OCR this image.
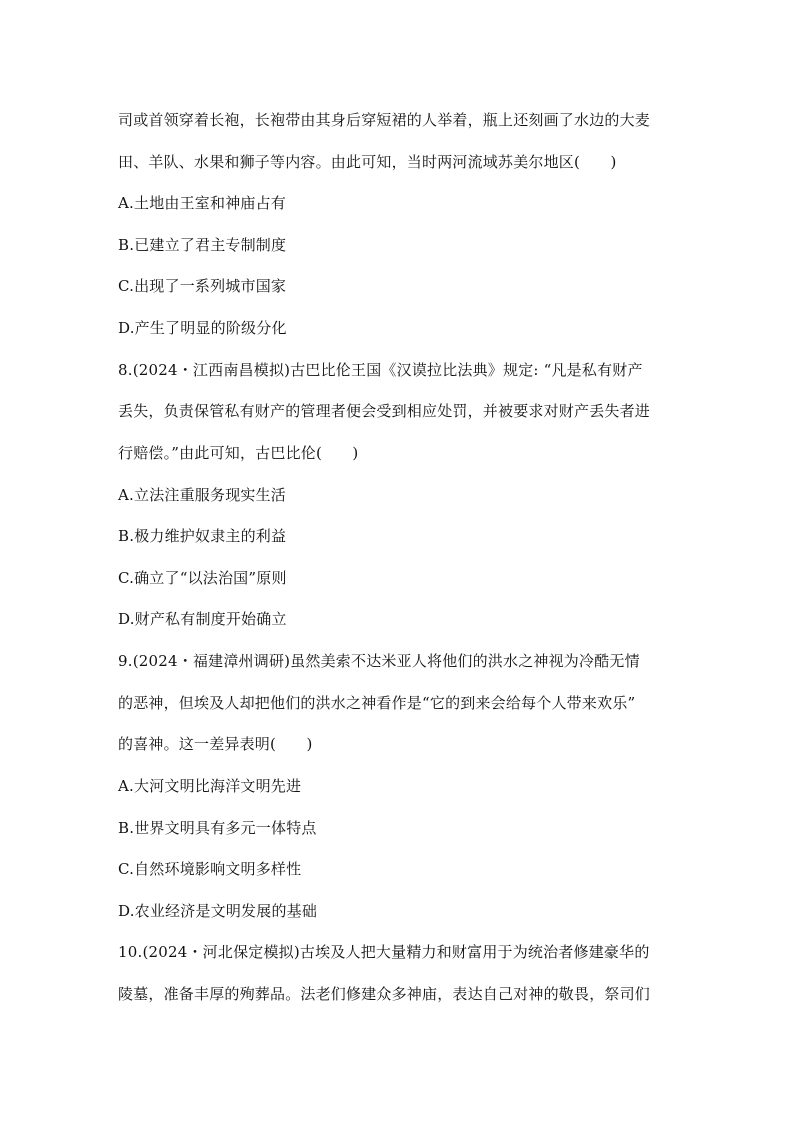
司或首领穿着长袍，长袍带由其身后穿短裙的人举着，瓶上还刻画了水边的大麦
田、羊队、水果和狮子等内容。由此可知，当时两河流域苏美尔地区(　　)
A.土地由王室和神庙占有
B.已建立了君主专制制度
C.出现了一系列城市国家
D.产生了明显的阶级分化
8.(2024・江西南昌模拟)古巴比伦王国《汉谟拉比法典》规定: “凡是私有财产
丢失，负责保管私有财产的管理者便会受到相应处罚，并被要求对财产丢失者进
行赔偿。”由此可知，古巴比伦(　　)
A.立法注重服务现实生活
B.极力维护奴隶主的利益
C.确立了“以法治国”原则
D.财产私有制度开始确立
9.(2024・福建漳州调研)虽然美索不达米亚人将他们的洪水之神视为冷酷无情
的恶神，但埃及人却把他们的洪水之神看作是“它的到来会给每个人带来欢乐”
的喜神。这一差异表明(　　)
A.大河文明比海洋文明先进
B.世界文明具有多元一体特点
C.自然环境影响文明多样性
D.农业经济是文明发展的基础
10.(2024・河北保定模拟)古埃及人把大量精力和财富用于为统治者修建豪华的
陵墓，准备丰厚的殉葬品。法老们修建众多神庙，表达自己对神的敬畏，祭司们
